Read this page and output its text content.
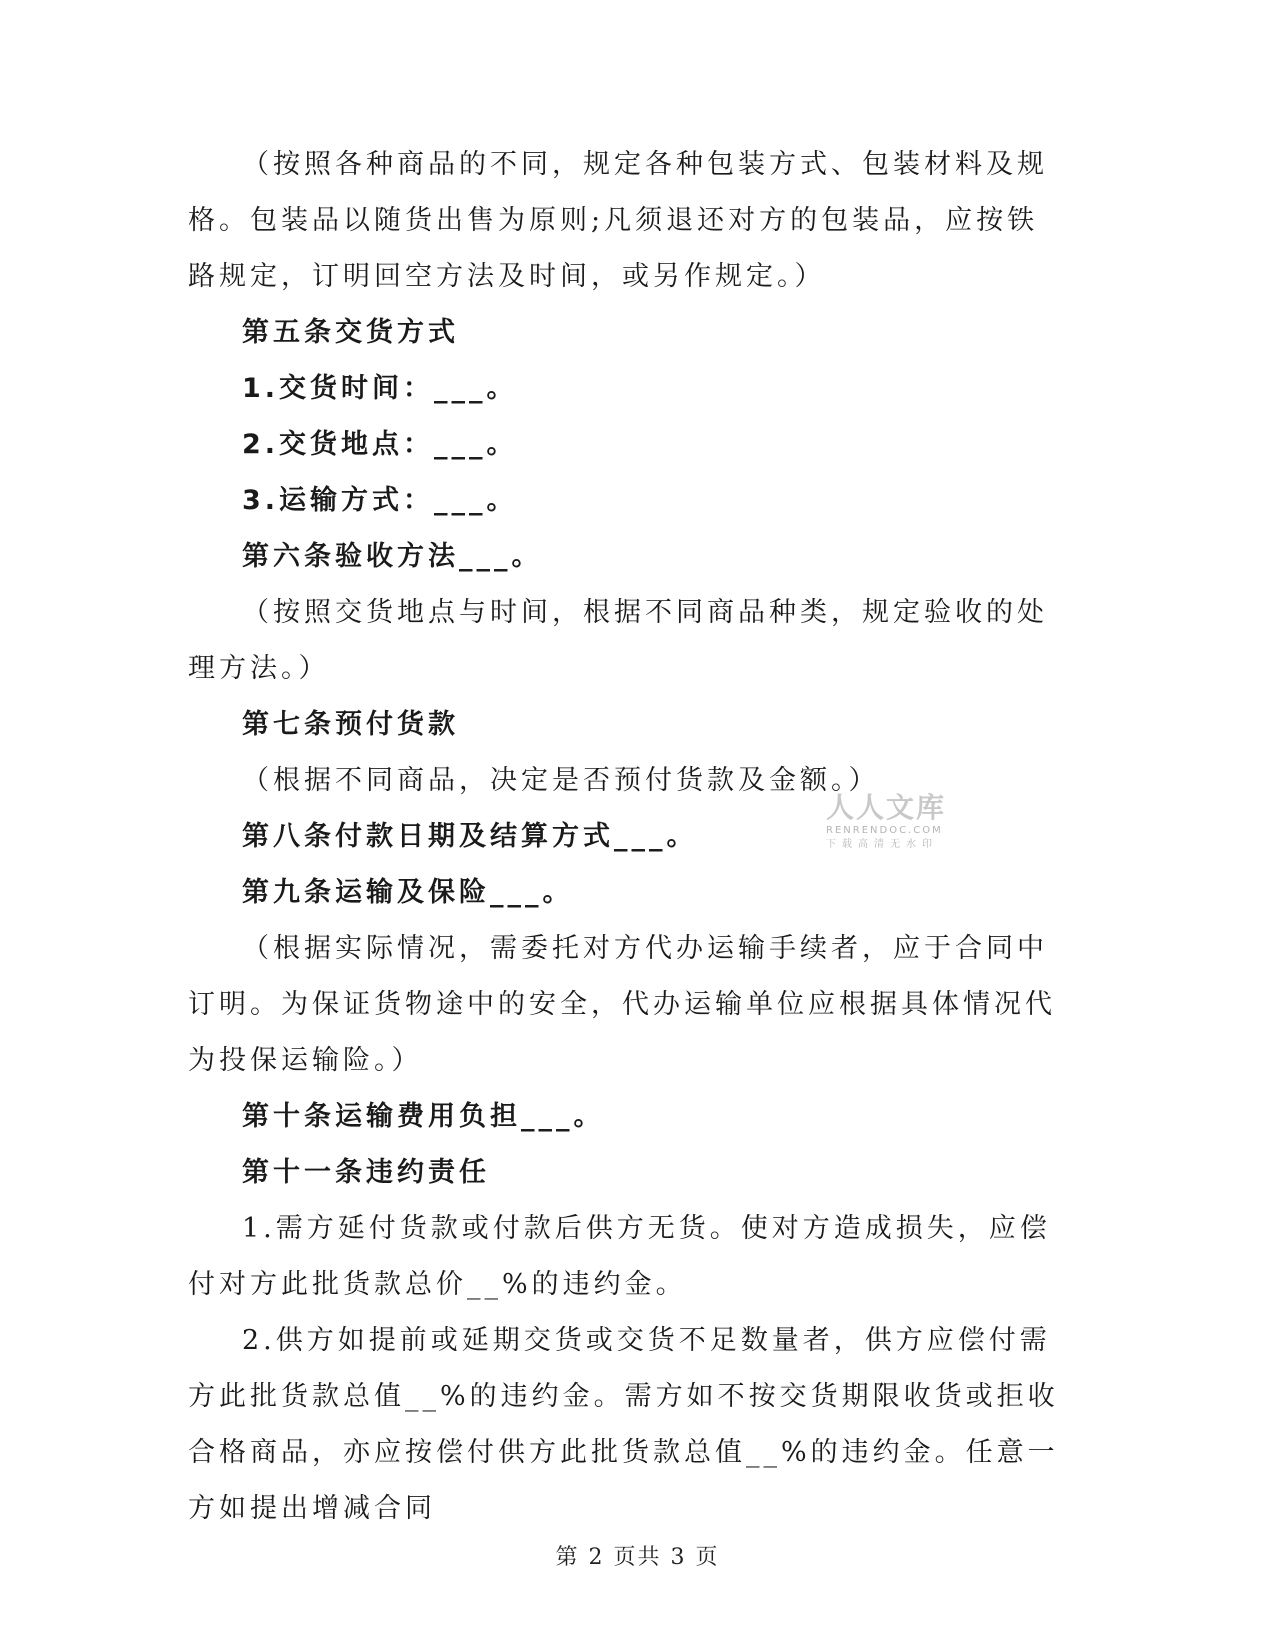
（按照各种商品的不同，规定各种包装方式、包装材料及规格。包装品以随货出售为原则;凡须退还对方的包装品，应按铁路规定，订明回空方法及时间，或另作规定。）

第五条交货方式

1.交货时间：___。

2.交货地点：___。

3.运输方式：___。

第六条验收方法___。

（按照交货地点与时间，根据不同商品种类，规定验收的处理方法。）

第七条预付货款

（根据不同商品，决定是否预付货款及金额。）

第八条付款日期及结算方式___。

第九条运输及保险___。

（根据实际情况，需委托对方代办运输手续者，应于合同中订明。为保证货物途中的安全，代办运输单位应根据具体情况代为投保运输险。）

第十条运输费用负担___。

第十一条违约责任

1.需方延付货款或付款后供方无货。使对方造成损失，应偿付对方此批货款总价__%的违约金。

2.供方如提前或延期交货或交货不足数量者，供方应偿付需方此批货款总值__%的违约金。需方如不按交货期限收货或拒收合格商品，亦应按偿付供方此批货款总值__%的违约金。任意一方如提出增减合同

人人文库
RENRENDOC.COM
下载高清无水印
第 2 页共 3 页
